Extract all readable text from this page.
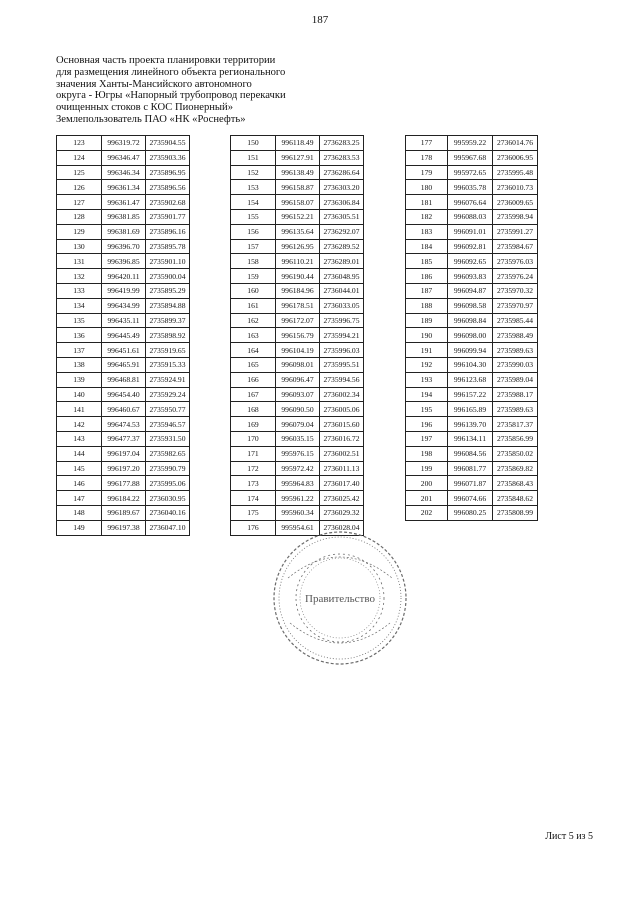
187
Основная часть проекта планировки территории
для размещения линейного объекта регионального
значения Ханты-Мансийского автономного
округа - Югры «Напорный трубопровод перекачки
очищенных стоков с КОС Пионерный»
Землепользователь ПАО «НК «Роснефть»
123	996319.72	2735904.55
124	996346.47	2735903.36
125	996346.34	2735896.95
126	996361.34	2735896.56
127	996361.47	2735902.68
128	996381.85	2735901.77
129	996381.69	2735896.16
130	996396.70	2735895.78
131	996396.85	2735901.10
132	996420.11	2735900.04
133	996419.99	2735895.29
134	996434.99	2735894.88
135	996435.11	2735899.37
136	996445.49	2735898.92
137	996451.61	2735919.65
138	996465.91	2735915.33
139	996468.81	2735924.91
140	996454.40	2735929.24
141	996460.67	2735950.77
142	996474.53	2735946.57
143	996477.37	2735931.50
144	996197.04	2735982.65
145	996197.20	2735990.79
146	996177.88	2735995.06
147	996184.22	2736030.95
148	996189.67	2736040.16
149	996197.38	2736047.10
150	996118.49	2736283.25
151	996127.91	2736283.53
152	996138.49	2736286.64
153	996158.87	2736303.20
154	996158.07	2736306.84
155	996152.21	2736305.51
156	996135.64	2736292.07
157	996126.95	2736289.52
158	996110.21	2736289.01
159	996190.44	2736048.95
160	996184.96	2736044.01
161	996178.51	2736033.05
162	996172.07	2735996.75
163	996156.79	2735994.21
164	996104.19	2735996.03
165	996098.01	2735995.51
166	996096.47	2735994.56
167	996093.07	2736002.34
168	996090.50	2736005.06
169	996079.04	2736015.60
170	996035.15	2736016.72
171	995976.15	2736002.51
172	995972.42	2736011.13
173	995964.83	2736017.40
174	995961.22	2736025.42
175	995960.34	2736029.32
176	995954.61	2736028.04
177	995959.22	2736014.76
178	995967.68	2736006.95
179	995972.65	2735995.48
180	996035.78	2736010.73
181	996076.64	2736009.65
182	996088.03	2735998.94
183	996091.01	2735991.27
184	996092.81	2735984.67
185	996092.65	2735976.03
186	996093.83	2735976.24
187	996094.87	2735970.32
188	996098.58	2735970.97
189	996098.84	2735985.44
190	996098.00	2735988.49
191	996099.94	2735989.63
192	996104.30	2735990.03
193	996123.68	2735989.04
194	996157.22	2735988.17
195	996165.89	2735989.63
196	996139.70	2735817.37
197	996134.11	2735856.99
198	996084.56	2735850.02
199	996081.77	2735869.82
200	996071.87	2735868.43
201	996074.66	2735848.62
202	996080.25	2735808.99
Правительство
Лист 5 из 5
